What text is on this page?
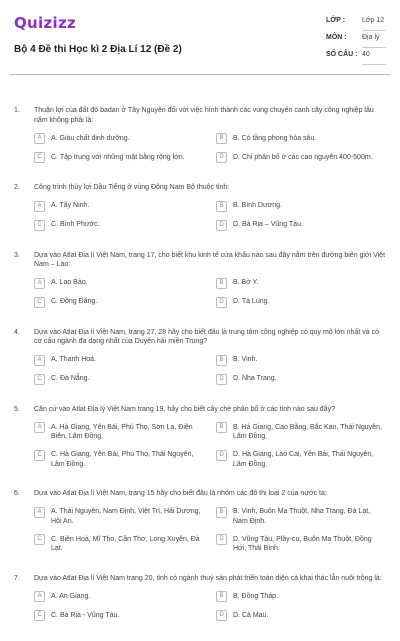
Quizizz
Bộ 4 Đề thi Học kì 2 Địa Lí 12 (Đề 2)
LỚP : Lớp 12
MÔN : Địa lý
SỐ CÂU : 40
1.	Thuận lợi của đất đỏ badan ở Tây Nguyên đối với việc hình thành các vùng chuyên canh cây công nghiệp lâu năm không phải là:
A	A. Giàu chất dinh dưỡng.	B	B. Có tầng phong hóa sâu.
C	C. Tập trung với những mặt bằng rộng lớn.	D	D. Chỉ phân bố ở các cao nguyên 400-500m.
2.	Công trình thủy lợi Dầu Tiếng ở vùng Đông Nam Bộ thuộc tỉnh:
A	A. Tây Ninh.	B	B. Bình Dương.
C	C. Bình Phước.	D	D. Bà Rịa – Vũng Tàu.
3.	Dựa vào Atlat Địa lí Việt Nam, trang 17, cho biết khu kinh tế cửa khẩu nào sau đây nằm trên đường biên giới Việt Nam – Lào:
A	A. Lao Bảo.	B	B. Bờ Y.
C	C. Đồng Đăng.	D	D. Tà Lùng.
4.	Dựa vào Atlat Địa lí Việt Nam, trang 27, 28 hãy cho biết đâu là trung tâm công nghiệp có quy mô lớn nhất và có cơ cấu ngành đa dạng nhất của Duyên hải miền Trung?
A	A. Thanh Hoá.	B	B. Vinh.
C	C. Đà Nẵng.	D	D. Nha Trang.
5.	Căn cứ vào Atlat Địa lý Việt Nam trang 19, hãy cho biết cây chè phân bố ở các tỉnh nào sau đây?
A	A. Hà Giang, Yên Bái, Phú Thọ, Sơn La, Điện Biên, Lâm Đồng.
B	B. Hà Giang, Cao Bằng, Bắc Kạn, Thái Nguyên, Lâm Đồng.
C	C. Hà Giang, Yên Bái, Phú Thọ, Thái Nguyên, Lâm Đồng.
D	D. Hà Giang, Lào Cai, Yên Bái, Thái Nguyên, Lâm Đồng.
6.	Dựa vào Atlat Địa lí Việt Nam, trang 15 hãy cho biết đâu là nhóm các đô thị loại 2 của nước ta:
A	A. Thái Nguyên, Nam Định, Việt Trì, Hải Dương, Hội An.
B	B. Vinh, Buôn Ma Thuột, Nha Trang, Đà Lạt, Nam Định.
C	C. Biên Hoà, Mĩ Tho, Cần Thơ, Long Xuyên, Đà Lạt.
D	D. Vũng Tàu, Plây-cu, Buôn Ma Thuột, Đồng Hới, Thái Bình.
7.	Dựa vào Atlat Địa lí Việt Nam trang 20, tỉnh có ngành thuỷ sản phát triển toàn diện cả khai thác lẫn nuôi trồng là:
A	A. An Giang.	B	B. Đồng Tháp.
C	C. Bà Rịa - Vũng Tàu.	D	D. Cà Mau.
